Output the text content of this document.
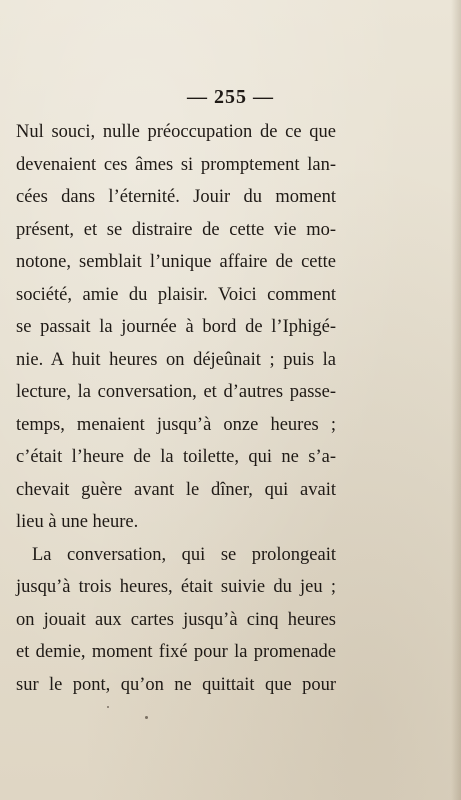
— 255 —
Nul souci, nulle préoccupation de ce que
devenaient ces âmes si promptement lan-
cées dans l’éternité. Jouir du moment
présent, et se distraire de cette vie mo-
notone, semblait l’unique affaire de cette
société, amie du plaisir. Voici comment
se passait la journée à bord de l’Iphigé-
nie. A huit heures on déjeûnait ; puis la
lecture, la conversation, et d’autres passe-
temps, menaient jusqu’à onze heures ;
c’était l’heure de la toilette, qui ne s’a-
chevait guère avant le dîner, qui avait
lieu à une heure.
La conversation, qui se prolongeait
jusqu’à trois heures, était suivie du jeu ;
on jouait aux cartes jusqu’à cinq heures
et demie, moment fixé pour la promenade
sur le pont, qu’on ne quittait que pour
